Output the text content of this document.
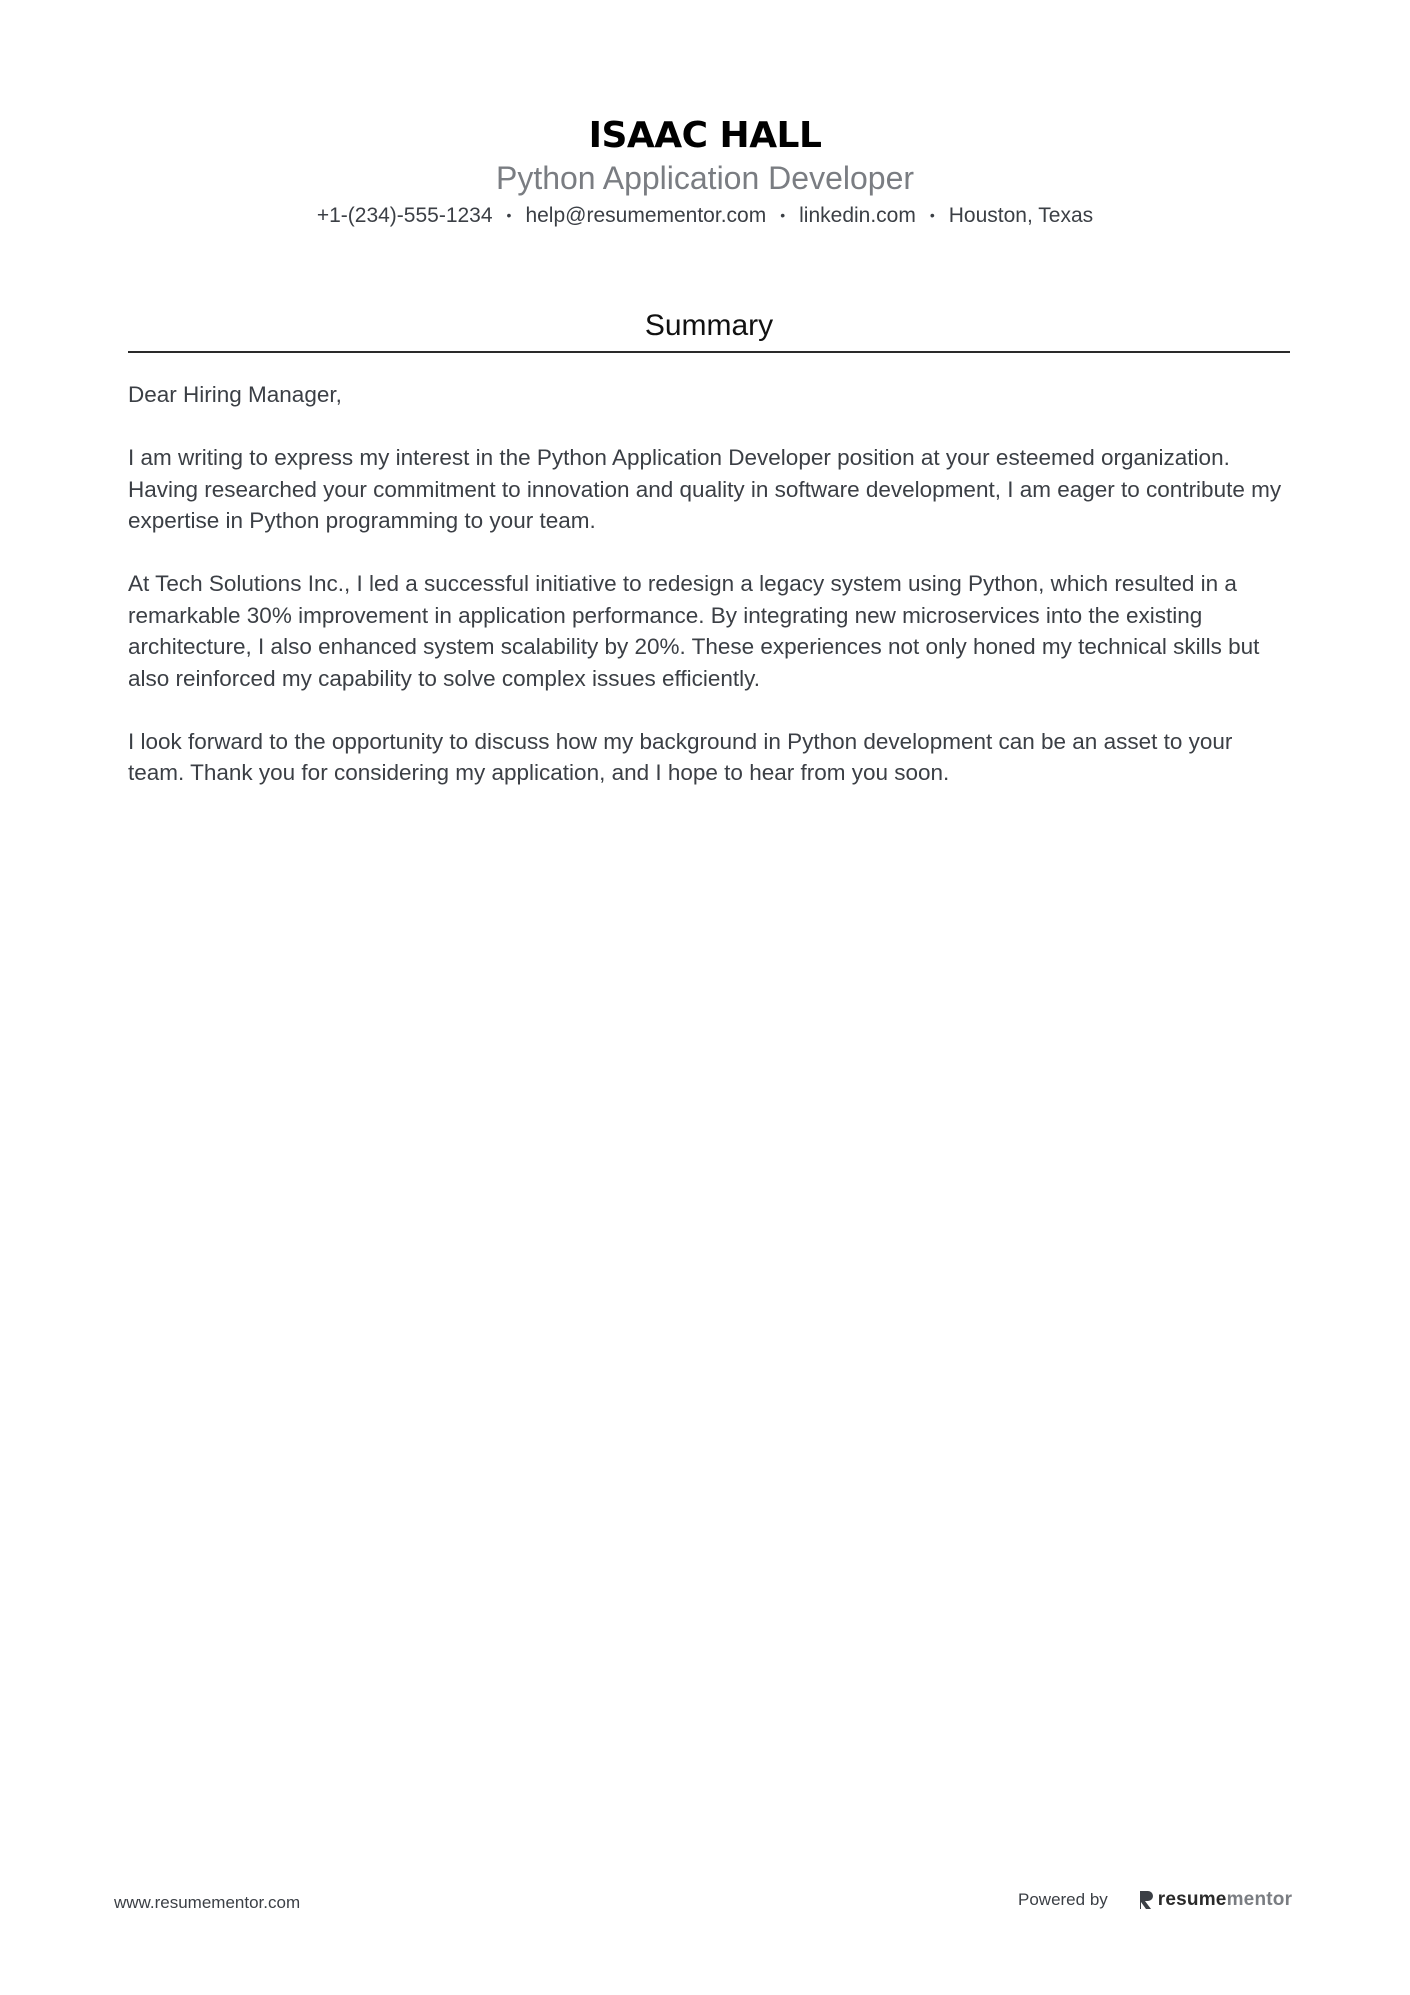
ISAAC HALL
Python Application Developer
+1-(234)-555-1234 • help@resumementor.com • linkedin.com • Houston, Texas
Summary

Dear Hiring Manager,

I am writing to express my interest in the Python Application Developer position at your esteemed organization. Having researched your commitment to innovation and quality in software development, I am eager to contribute my expertise in Python programming to your team.

At Tech Solutions Inc., I led a successful initiative to redesign a legacy system using Python, which resulted in a remarkable 30% improvement in application performance. By integrating new microservices into the existing architecture, I also enhanced system scalability by 20%. These experiences not only honed my technical skills but also reinforced my capability to solve complex issues efficiently.

I look forward to the opportunity to discuss how my background in Python development can be an asset to your team. Thank you for considering my application, and I hope to hear from you soon.

www.resumementor.com	Powered by	resumementor
